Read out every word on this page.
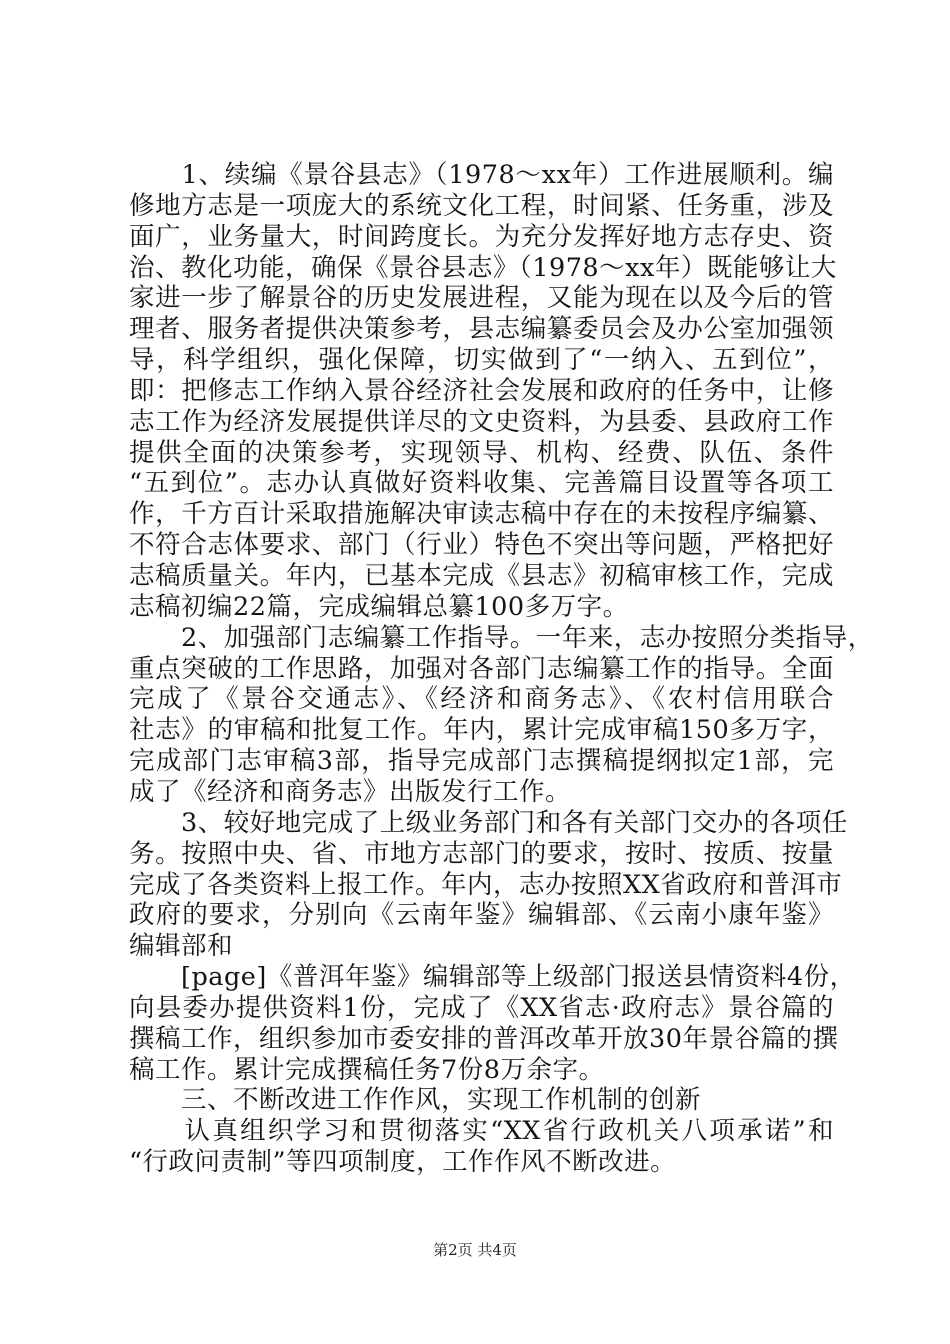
　　1、续编《景谷县志》（1978～xx年）工作进展顺利。编
修地方志是一项庞大的系统文化工程，时间紧、任务重，涉及
面广，业务量大，时间跨度长。为充分发挥好地方志存史、资
治、教化功能，确保《景谷县志》（1978～xx年）既能够让大
家进一步了解景谷的历史发展进程，又能为现在以及今后的管
理者、服务者提供决策参考，县志编纂委员会及办公室加强领
导，科学组织，强化保障，切实做到了“一纳入、五到位”，
即：把修志工作纳入景谷经济社会发展和政府的任务中，让修
志工作为经济发展提供详尽的文史资料，为县委、县政府工作
提供全面的决策参考，实现领导、机构、经费、队伍、条件
“五到位”。志办认真做好资料收集、完善篇目设置等各项工
作，千方百计采取措施解决审读志稿中存在的未按程序编纂、
不符合志体要求、部门（行业）特色不突出等问题，严格把好
志稿质量关。年内，已基本完成《县志》初稿审核工作，完成
志稿初编22篇，完成编辑总纂100多万字。
　　2、加强部门志编纂工作指导。一年来，志办按照分类指导，
重点突破的工作思路，加强对各部门志编纂工作的指导。全面
完成了《景谷交通志》、《经济和商务志》、《农村信用联合
社志》的审稿和批复工作。年内，累计完成审稿150多万字，
完成部门志审稿3部，指导完成部门志撰稿提纲拟定1部，完
成了《经济和商务志》出版发行工作。
　　3、较好地完成了上级业务部门和各有关部门交办的各项任
务。按照中央、省、市地方志部门的要求，按时、按质、按量
完成了各类资料上报工作。年内，志办按照XX省政府和普洱市
政府的要求，分别向《云南年鉴》编辑部、《云南小康年鉴》
编辑部和
　　[page]《普洱年鉴》编辑部等上级部门报送县情资料4份，
向县委办提供资料1份，完成了《XX省志·政府志》景谷篇的
撰稿工作，组织参加市委安排的普洱改革开放30年景谷篇的撰
稿工作。累计完成撰稿任务7份8万余字。
　　三、不断改进工作作风，实现工作机制的创新
　　认真组织学习和贯彻落实“XX省行政机关八项承诺”和
“行政问责制”等四项制度，工作作风不断改进。
第2页 共4页
